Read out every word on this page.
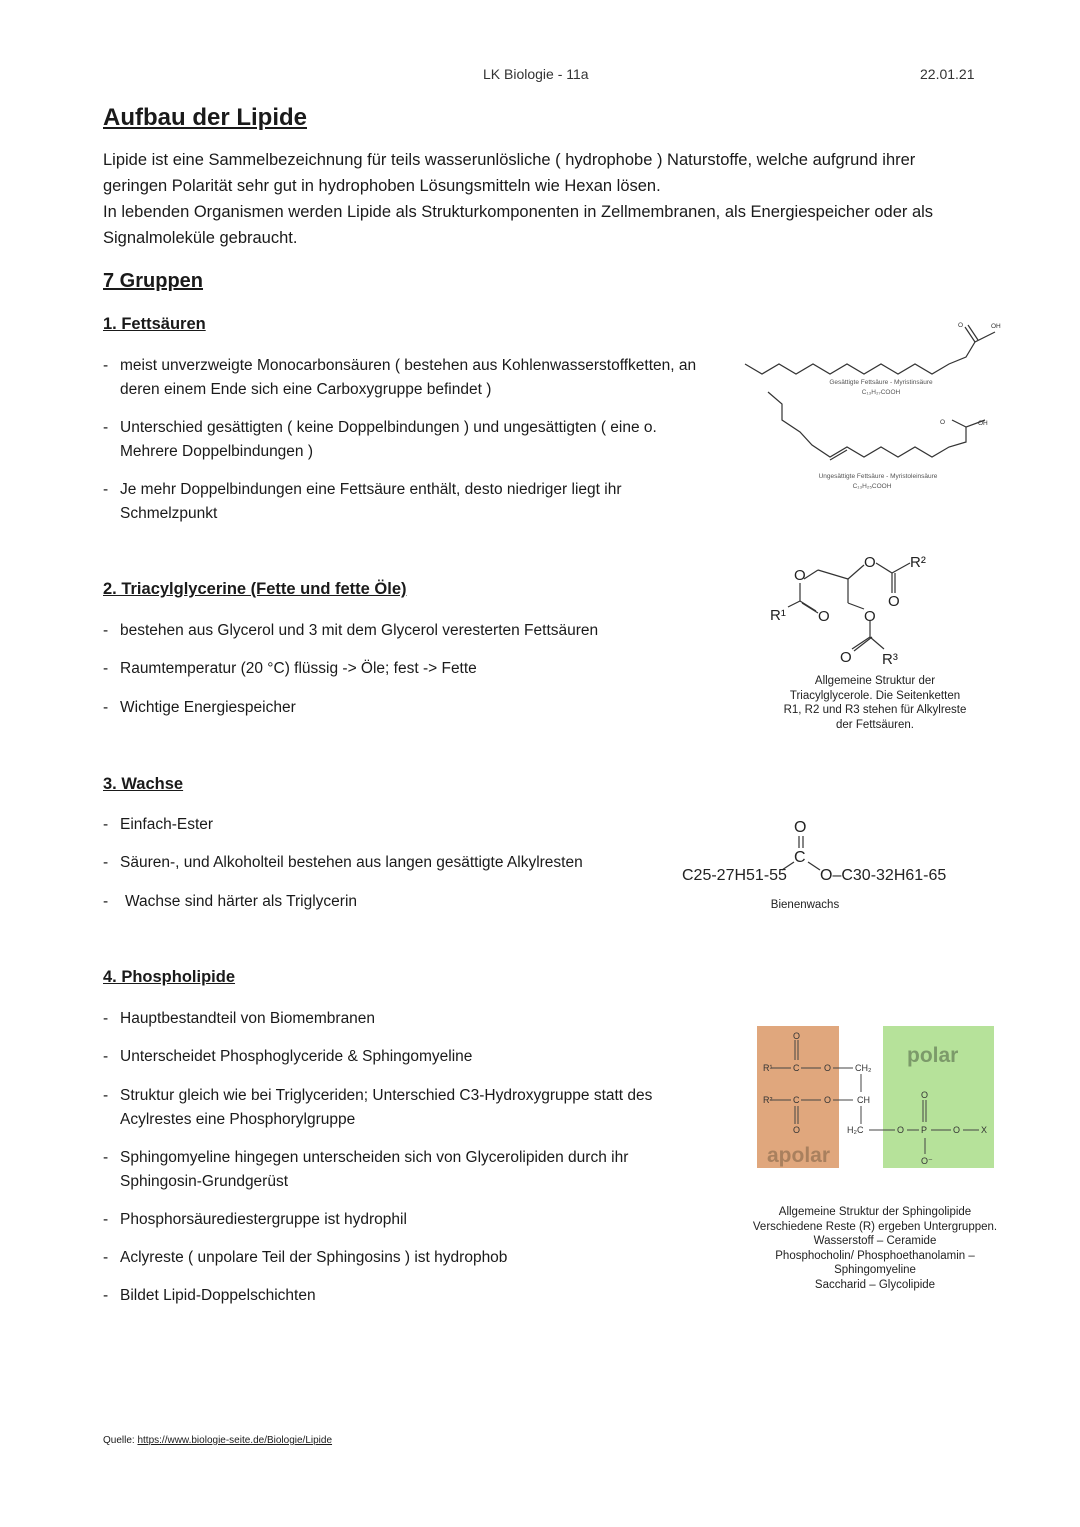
LK Biologie - 11a	22.01.21
Aufbau der Lipide

Lipide ist eine Sammelbezeichnung für teils wasserunlösliche ( hydrophobe ) Naturstoffe, welche aufgrund ihrer geringen Polarität sehr gut in hydrophoben Lösungsmitteln wie Hexan lösen.

In lebenden Organismen werden Lipide als Strukturkomponenten in Zellmembranen, als Energiespeicher oder als Signalmoleküle gebraucht.

7 Gruppen
1. Fettsäuren
- meist unverzweigte Monocarbonsäuren ( bestehen aus Kohlenwasserstoffketten, an deren einem Ende sich eine Carboxygruppe befindet )
- Unterschied gesättigten ( keine Doppelbindungen ) und ungesättigten ( eine o. Mehrere Doppelbindungen )
- Je mehr Doppelbindungen eine Fettsäure enthält, desto niedriger liegt ihr Schmelzpunkt
O	OH
O	OH
Gesättigte Fettsäure - Myristinsäure
C₁₃H₂₇COOH
Ungesättigte Fettsäure - Myristoleinsäure
C₁₃H₂₅COOH
2. Triacylglycerine (Fette und fette Öle)
- bestehen aus Glycerol und 3 mit dem Glycerol veresterten Fettsäuren
- Raumtemperatur (20 °C) flüssig -> Öle; fest -> Fette
- Wichtige Energiespeicher
O
O
O
O
O
O
R¹
R²
R³
Allgemeine Struktur der Triacylglycerole. Die Seitenketten R1, R2 und R3 stehen für Alkylreste der Fettsäuren.
3. Wachse
- Einfach-Ester
- Säuren-, und Alkoholteil bestehen aus langen gesättigte Alkylresten
- Wachse sind härter als Triglycerin
O
C
C25-27H51-55 O–C30-32H61-65
Bienenwachs
4. Phospholipide
- Hauptbestandteil von Biomembranen
- Unterscheidet Phosphoglyceride & Sphingomyeline
- Struktur gleich wie bei Triglyceriden; Unterschied C3-Hydroxygruppe statt des Acylrestes eine Phosphorylgruppe
- Sphingomyeline hingegen unterscheiden sich von Glycerolipiden durch ihr Sphingosin-Grundgerüst
- Phosphorsäurediestergruppe ist hydrophil
- Aclyreste ( unpolare Teil der Sphingosins ) ist hydrophob
- Bildet Lipid-Doppelschichten
O
R¹ C	O	CH₂
R² C	O	CH
O	H₂C	O P	O X
O
O⁻
polar
apolar
Allgemeine Struktur der Sphingolipide
Verschiedene Reste (R) ergeben Untergruppen.
Wasserstoff – Ceramide
Phosphocholin/ Phosphoethanolamin –
Sphingomyeline
Saccharid – Glycolipide
Quelle: https://www.biologie-seite.de/Biologie/Lipide
